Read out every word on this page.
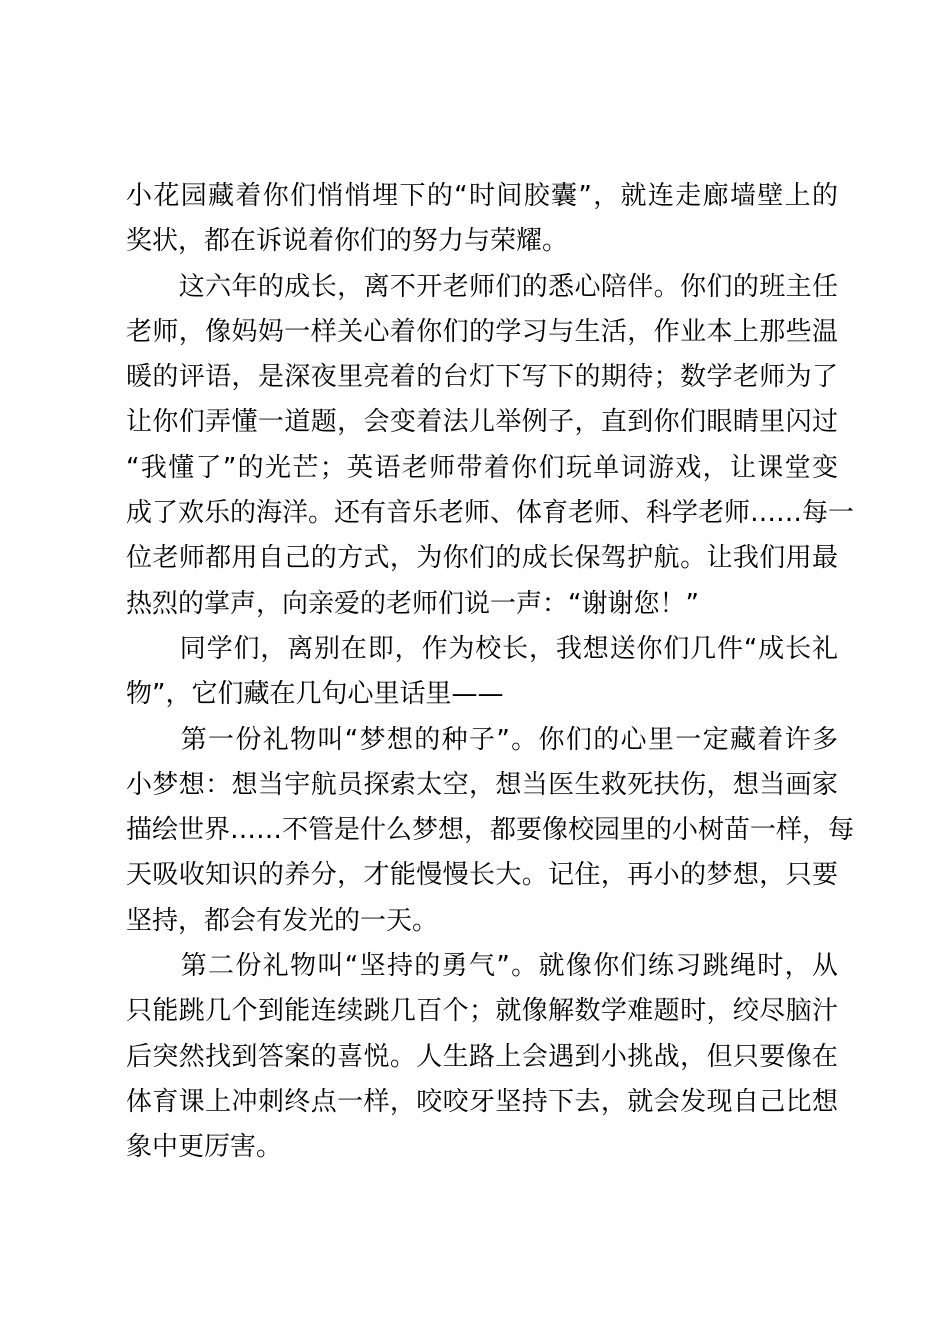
小花园藏着你们悄悄埋下的“时间胶囊”，就连走廊墙壁上的
奖状，都在诉说着你们的努力与荣耀。
　　这六年的成长，离不开老师们的悉心陪伴。你们的班主任
老师，像妈妈一样关心着你们的学习与生活，作业本上那些温
暖的评语，是深夜里亮着的台灯下写下的期待；数学老师为了
让你们弄懂一道题，会变着法儿举例子，直到你们眼睛里闪过
“我懂了”的光芒；英语老师带着你们玩单词游戏，让课堂变
成了欢乐的海洋。还有音乐老师、体育老师、科学老师……每一
位老师都用自己的方式，为你们的成长保驾护航。让我们用最
热烈的掌声，向亲爱的老师们说一声：“谢谢您！”
　　同学们，离别在即，作为校长，我想送你们几件“成长礼
物”，它们藏在几句心里话里——
　　第一份礼物叫“梦想的种子”。你们的心里一定藏着许多
小梦想：想当宇航员探索太空，想当医生救死扶伤，想当画家
描绘世界……不管是什么梦想，都要像校园里的小树苗一样，每
天吸收知识的养分，才能慢慢长大。记住，再小的梦想，只要
坚持，都会有发光的一天。
　　第二份礼物叫“坚持的勇气”。就像你们练习跳绳时，从
只能跳几个到能连续跳几百个；就像解数学难题时，绞尽脑汁
后突然找到答案的喜悦。人生路上会遇到小挑战，但只要像在
体育课上冲刺终点一样，咬咬牙坚持下去，就会发现自己比想
象中更厉害。
